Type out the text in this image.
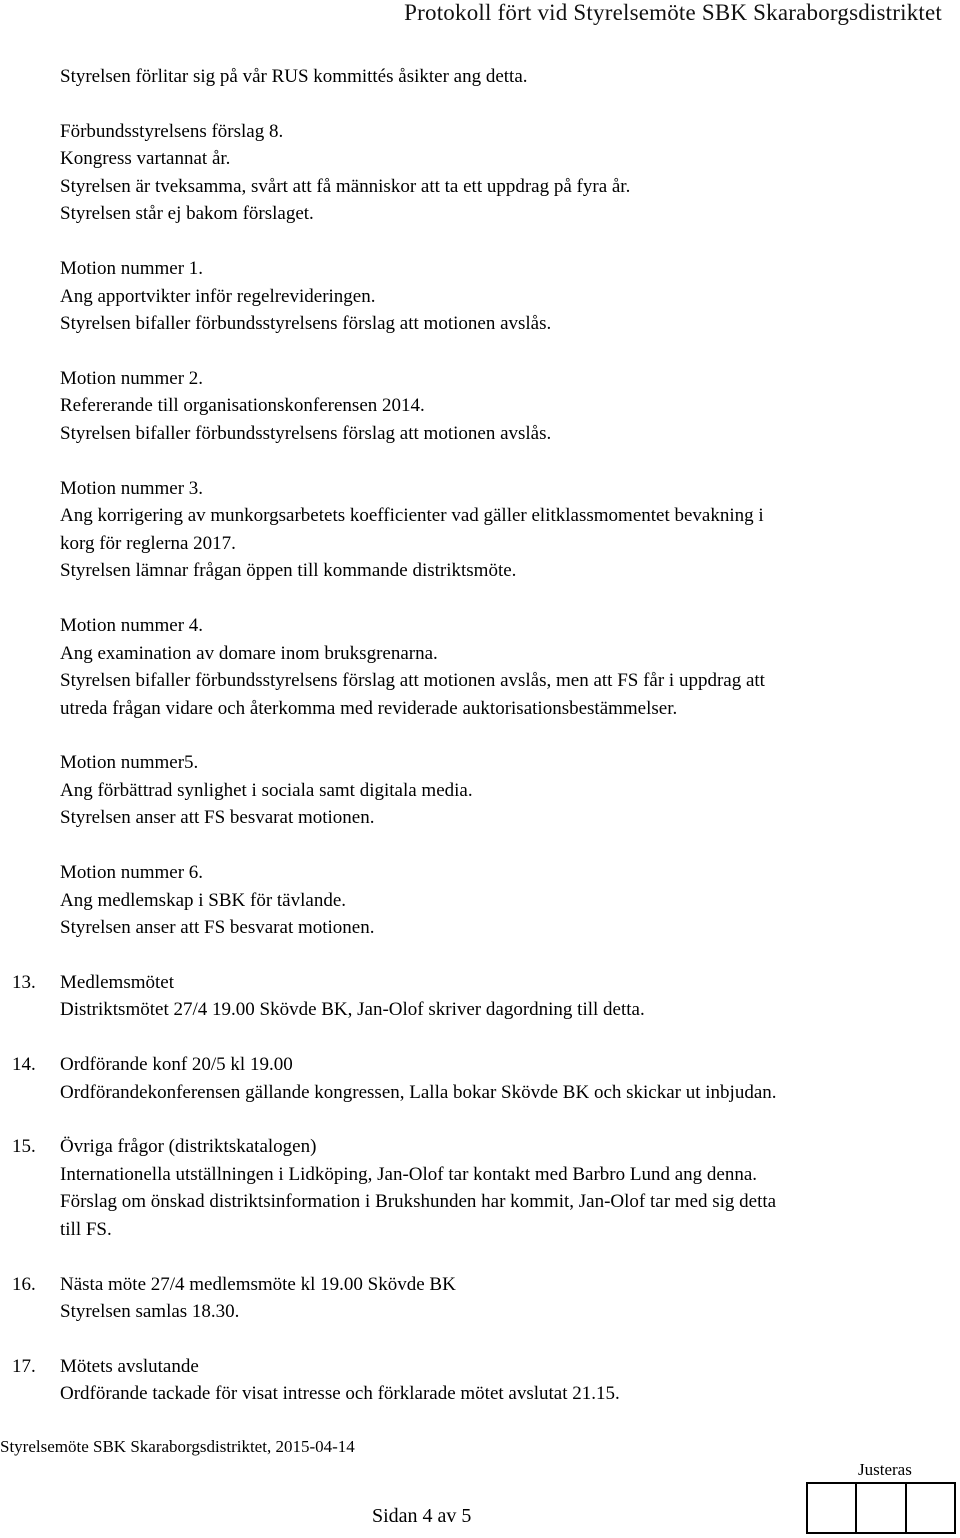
Protokoll fört vid Styrelsemöte SBK Skaraborgsdistriktet
Styrelsen förlitar sig på vår RUS kommittés åsikter ang detta.
Förbundsstyrelsens förslag 8.
Kongress vartannat år.
Styrelsen är tveksamma, svårt att få människor att ta ett uppdrag på fyra år.
Styrelsen står ej bakom förslaget.
Motion nummer 1.
Ang apportvikter inför regelrevideringen.
Styrelsen bifaller förbundsstyrelsens förslag att motionen avslås.
Motion nummer 2.
Refererande till organisationskonferensen 2014.
Styrelsen bifaller förbundsstyrelsens förslag att motionen avslås.
Motion nummer 3.
Ang korrigering av munkorgsarbetets koefficienter vad gäller elitklassmomentet bevakning i
korg för reglerna 2017.
Styrelsen lämnar frågan öppen till kommande distriktsmöte.
Motion nummer 4.
Ang examination av domare inom bruksgrenarna.
Styrelsen bifaller förbundsstyrelsens förslag att motionen avslås, men att FS får i uppdrag att
utreda frågan vidare och återkomma med reviderade auktorisationsbestämmelser.
Motion nummer5.
Ang förbättrad synlighet i sociala samt digitala media.
Styrelsen anser att FS besvarat motionen.
Motion nummer 6.
Ang medlemskap i SBK för tävlande.
Styrelsen anser att FS besvarat motionen.
13. Medlemsmötet
Distriktsmötet 27/4 19.00 Skövde BK, Jan-Olof skriver dagordning till detta.
14. Ordförande konf 20/5 kl 19.00
Ordförandekonferensen gällande kongressen, Lalla bokar Skövde BK och skickar ut inbjudan.
15. Övriga frågor (distriktskatalogen)
Internationella utställningen i Lidköping, Jan-Olof tar kontakt med Barbro Lund ang denna.
Förslag om önskad distriktsinformation i Brukshunden har kommit, Jan-Olof tar med sig detta
till FS.
16. Nästa möte 27/4 medlemsmöte kl 19.00 Skövde BK
Styrelsen samlas 18.30.
17. Mötets avslutande
Ordförande tackade för visat intresse och förklarade mötet avslutat 21.15.
Styrelsemöte SBK Skaraborgsdistriktet, 2015-04-14
Sidan 4 av 5
Justeras
